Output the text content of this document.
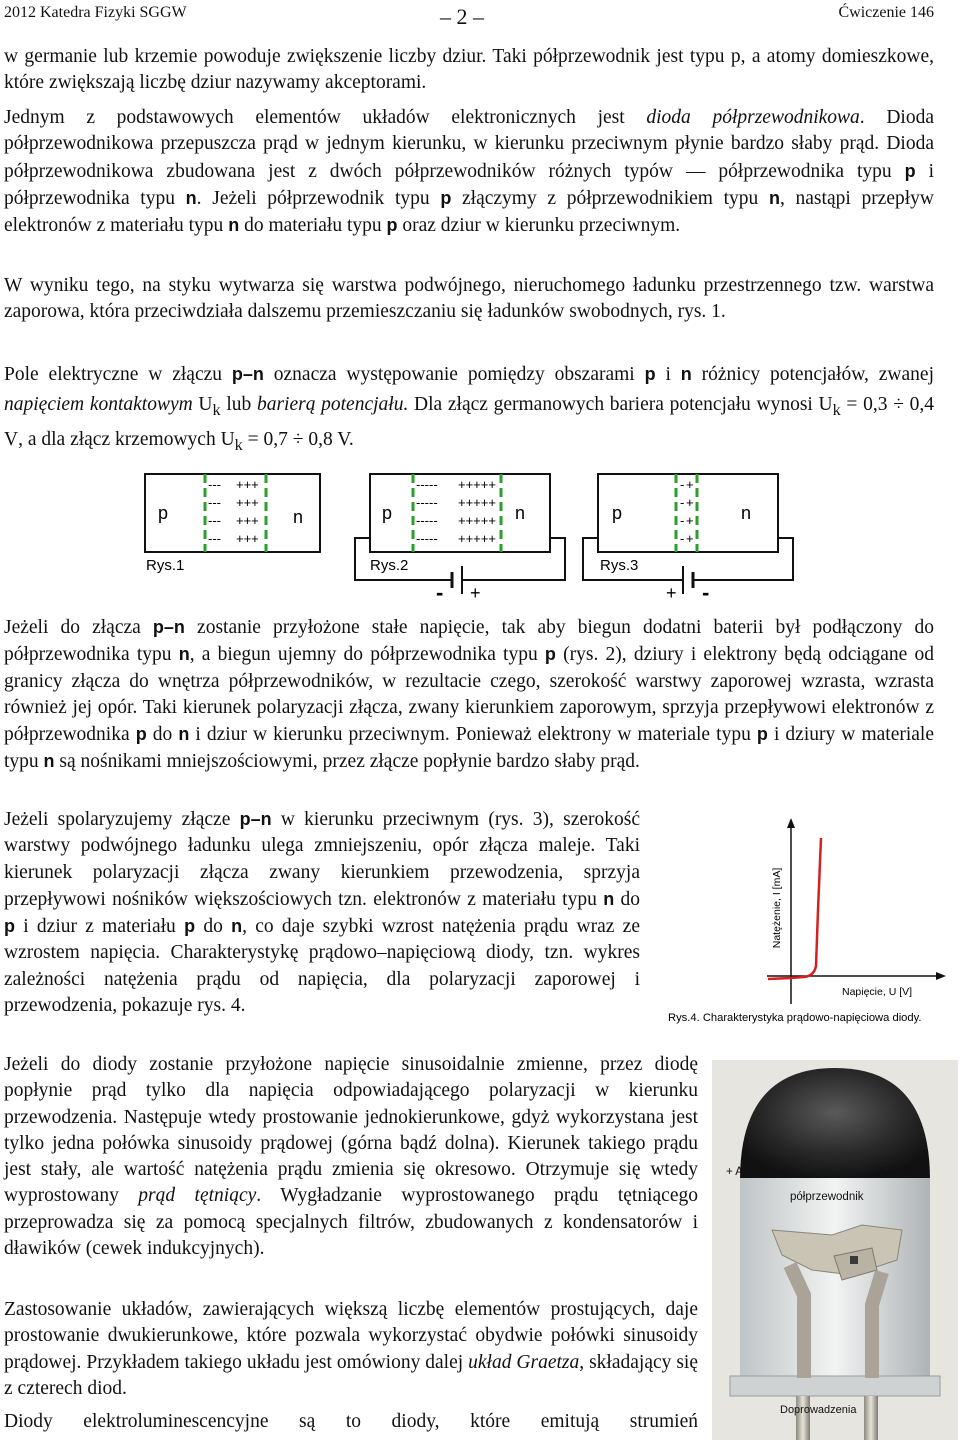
2012 Katedra Fizyki SGGW	– 2 –	Ćwiczenie 146

w germanie lub krzemie powoduje zwiększenie liczby dziur. Taki półprzewodnik jest typu p, a atomy domieszkowe, które zwiększają liczbę dziur nazywamy akceptorami.

Jednym z podstawowych elementów układów elektronicznych jest dioda półprzewodnikowa. Dioda półprzewodnikowa przepuszcza prąd w jednym kierunku, w kierunku przeciwnym płynie bardzo słaby prąd. Dioda półprzewodnikowa zbudowana jest z dwóch półprzewodników różnych typów — półprzewodnika typu p i półprzewodnika typu n. Jeżeli półprzewodnik typu p złączymy z półprzewodnikiem typu n, nastąpi przepływ elektronów z materiału typu n do materiału typu p oraz dziur w kierunku przeciwnym.

W wyniku tego, na styku wytwarza się warstwa podwójnego, nieruchomego ładunku przestrzennego tzw. warstwa zaporowa, która przeciwdziała dalszemu przemieszczaniu się ładunków swobodnych, rys. 1.

Pole elektryczne w złączu p–n oznacza występowanie pomiędzy obszarami p i n różnicy potencjałów, zwanej napięciem kontaktowym $U_k$ lub barierą potencjału. Dla złącz germanowych bariera potencjału wynosi $U_k = 0,3 \div 0,4$ V, a dla złącz krzemowych $U_k = 0,7 \div 0,8$ V.

p	n
---
---
---
---
+++
+++
+++
+++
Rys.1
p	n
-----
-----
-----
-----
+++++
+++++
+++++
+++++
Rys.2
- +
p	n
-
-
-
-
+
+
+
+
Rys.3
+ -

Jeżeli do złącza p–n zostanie przyłożone stałe napięcie, tak aby biegun dodatni baterii był podłączony do półprzewodnika typu n, a biegun ujemny do półprzewodnika typu p (rys. 2), dziury i elektrony będą odciągane od granicy złącza do wnętrza półprzewodników, w rezultacie czego, szerokość warstwy zaporowej wzrasta, wzrasta również jej opór. Taki kierunek polaryzacji złącza, zwany kierunkiem zaporowym, sprzyja przepływowi elektronów z półprzewodnika p do n i dziur w kierunku przeciwnym. Ponieważ elektrony w materiale typu p i dziury w materiale typu n są nośnikami mniejszościowymi, przez złącze popłynie bardzo słaby prąd.

Jeżeli spolaryzujemy złącze p–n w kierunku przeciwnym (rys. 3), szerokość warstwy podwójnego ładunku ulega zmniejszeniu, opór złącza maleje. Taki kierunek polaryzacji złącza zwany kierunkiem przewodzenia, sprzyja przepływowi nośników większościowych tzn. elektronów z materiału typu n do p i dziur z materiału p do n, co daje szybki wzrost natężenia prądu wraz ze wzrostem napięcia. Charakterystykę prądowo–napięciową diody, tzn. wykres zależności natężenia prądu od napięcia, dla polaryzacji zaporowej i przewodzenia, pokazuje rys. 4.

Natężenie, I [mA]
Napięcie, U [V]
Rys.4. Charakterystyka prądowo-napięciowa diody.

Jeżeli do diody zostanie przyłożone napięcie sinusoidalnie zmienne, przez diodę popłynie prąd tylko dla napięcia odpowiadającego polaryzacji w kierunku przewodzenia. Następuje wtedy prostowanie jednokierunkowe, gdyż wykorzystana jest tylko jedna połówka sinusoidy prądowej (górna bądź dolna). Kierunek takiego prądu jest stały, ale wartość natężenia prądu zmienia się okresowo. Otrzymuje się wtedy wyprostowany prąd tętniący. Wygładzanie wyprostowanego prądu tętniącego przeprowadza się za pomocą specjalnych filtrów, zbudowanych z kondensatorów i dławików (cewek indukcyjnych).

Zastosowanie układów, zawierających większą liczbę elementów prostujących, daje prostowanie dwukierunkowe, które pozwala wykorzystać obydwie połówki sinusoidy prądowej. Przykładem takiego układu jest omówiony dalej układ Graetza, składający się z czterech diod.

Diody elektroluminescencyjne są to diody, które emitują strumień

+ Anoda	- Katoda
półprzewodnik
Doprowadzenia
